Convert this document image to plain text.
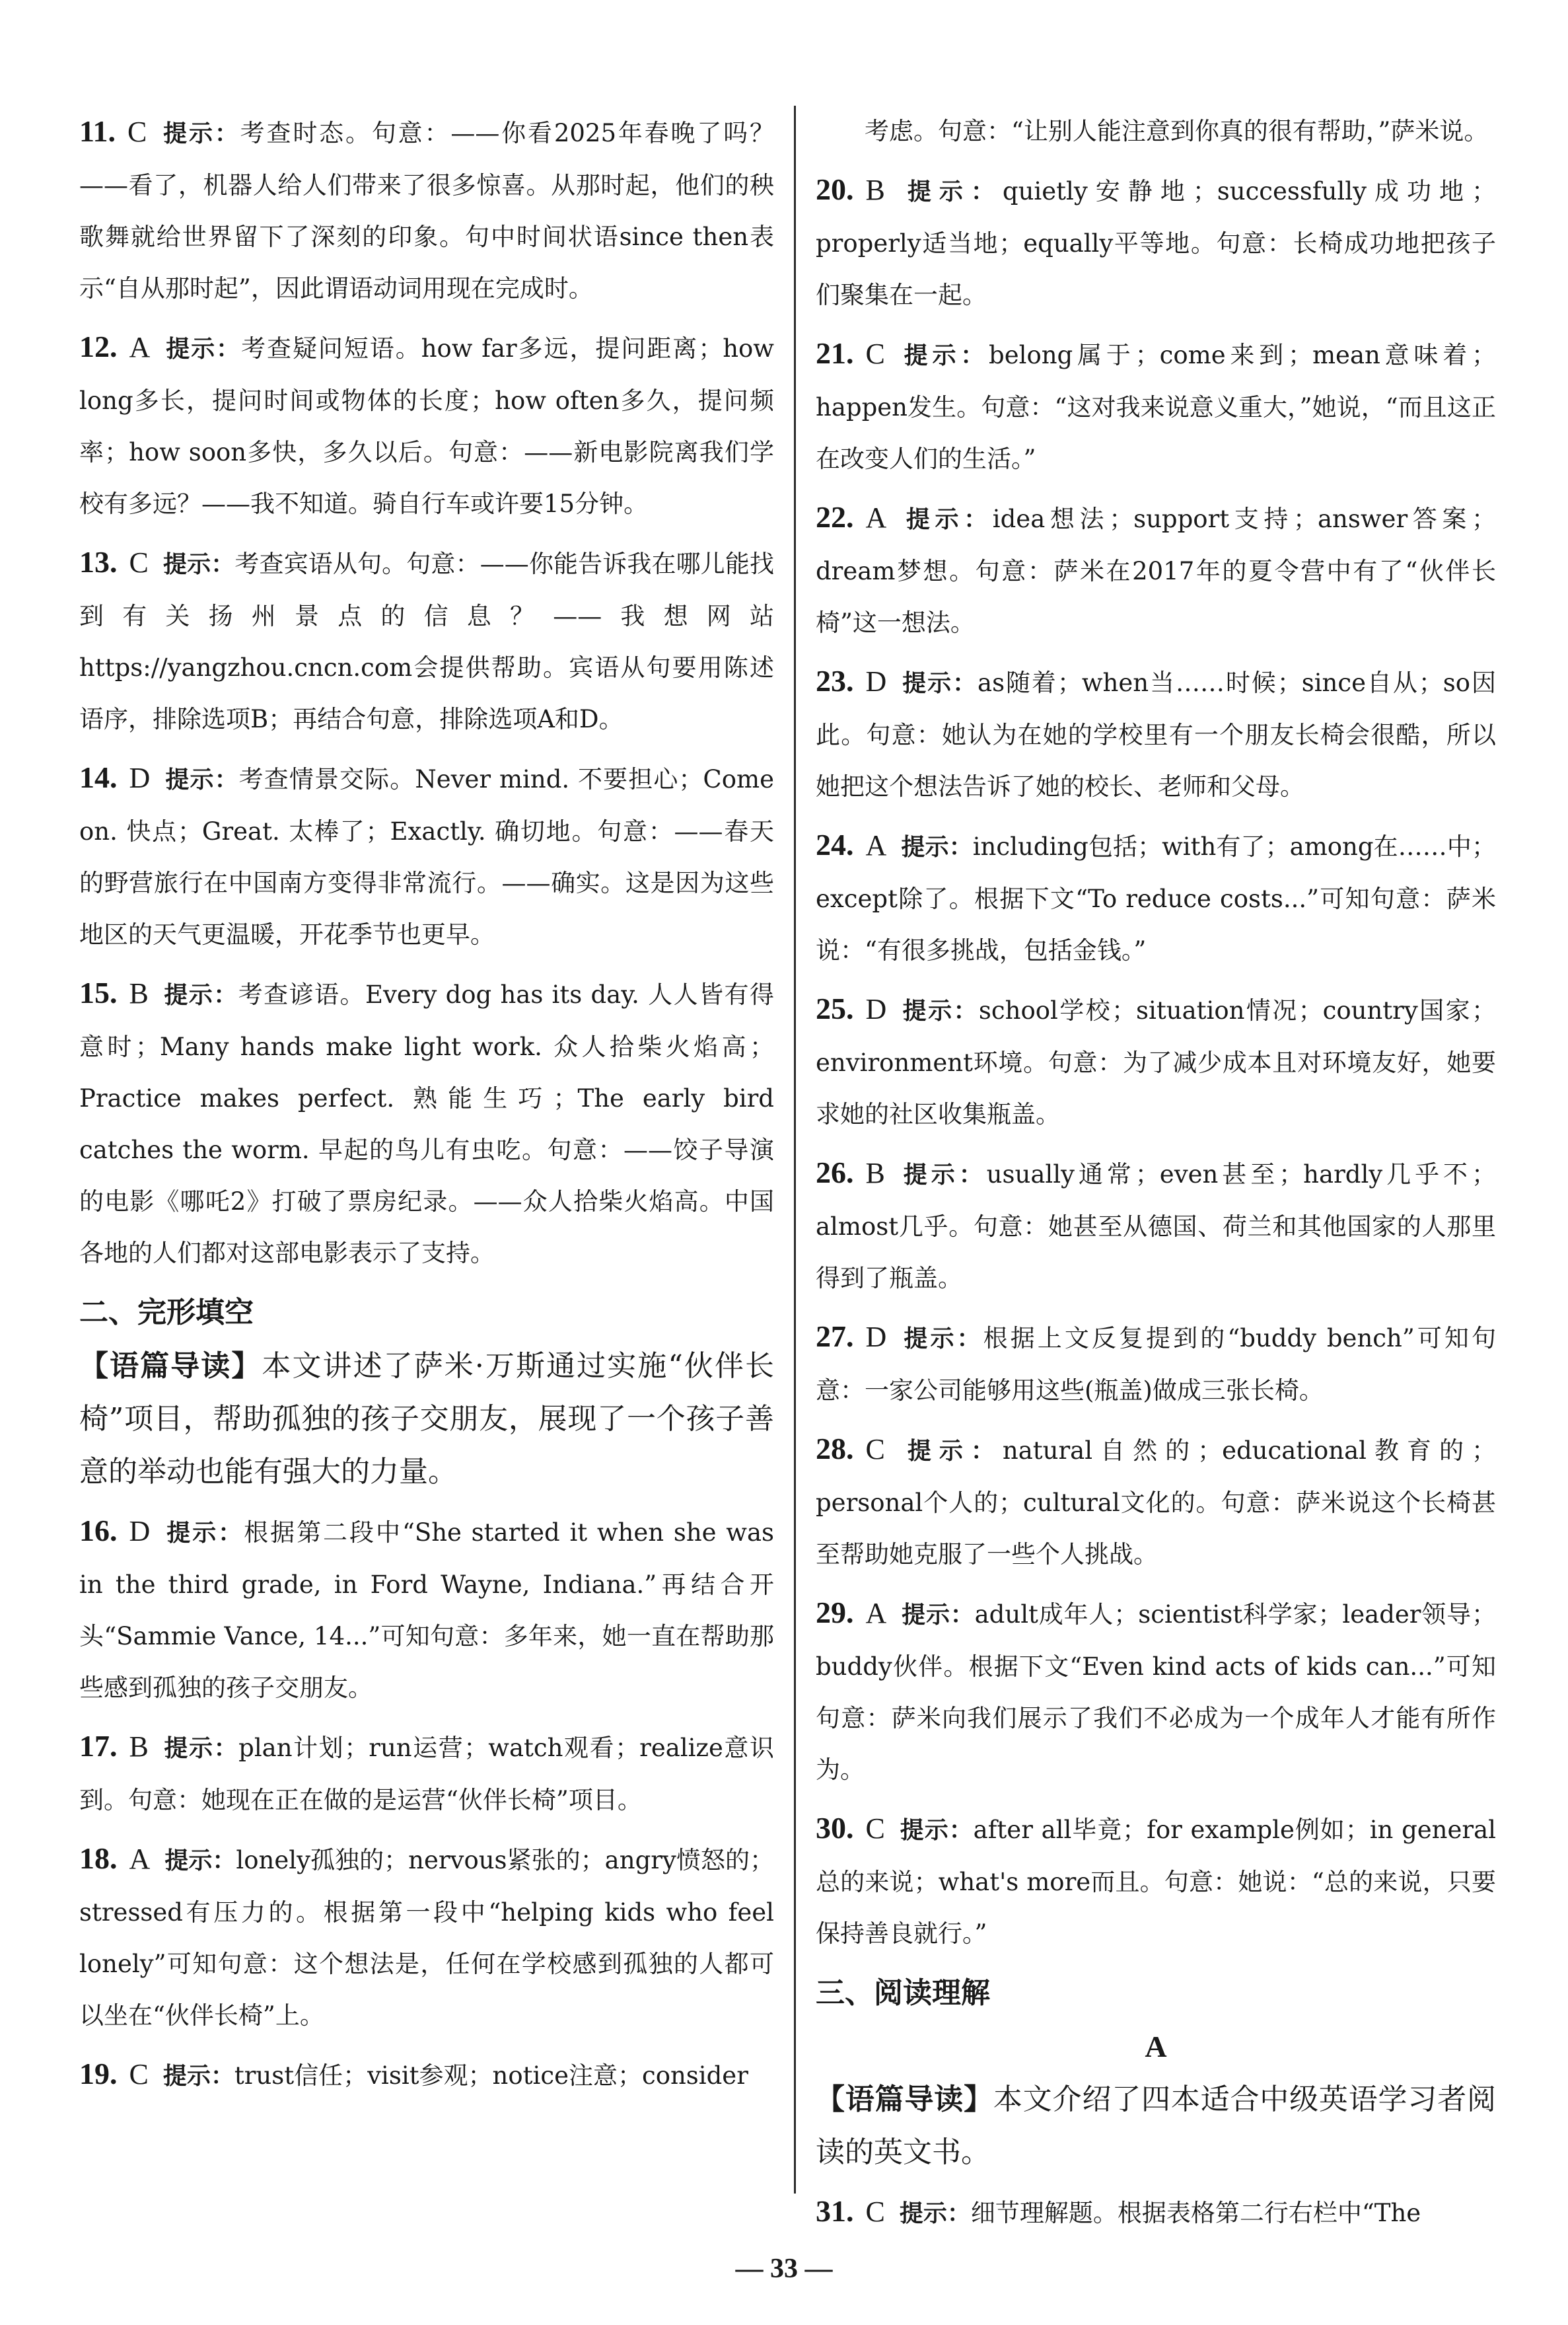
11. C 提示：考查时态。句意：——你看2025年春晚了吗？——看了，机器人给人们带来了很多惊喜。从那时起，他们的秧歌舞就给世界留下了深刻的印象。句中时间状语since then表示“自从那时起”，因此谓语动词用现在完成时。

12. A 提示：考查疑问短语。how far多远，提问距离；how long多长，提问时间或物体的长度；how often多久，提问频率；how soon多快，多久以后。句意：——新电影院离我们学校有多远？——我不知道。骑自行车或许要15分钟。

13. C 提示：考查宾语从句。句意：——你能告诉我在哪儿能找到有关扬州景点的信息？——我想网站https://yangzhou.cncn.com会提供帮助。宾语从句要用陈述语序，排除选项B；再结合句意，排除选项A和D。

14. D 提示：考查情景交际。Never mind. 不要担心；Come on. 快点；Great. 太棒了；Exactly. 确切地。句意：——春天的野营旅行在中国南方变得非常流行。——确实。这是因为这些地区的天气更温暖，开花季节也更早。

15. B 提示：考查谚语。Every dog has its day. 人人皆有得意时；Many hands make light work. 众人拾柴火焰高；Practice makes perfect. 熟能生巧；The early bird catches the worm. 早起的鸟儿有虫吃。句意：——饺子导演的电影《哪吒2》打破了票房纪录。——众人拾柴火焰高。中国各地的人们都对这部电影表示了支持。

二、完形填空

【语篇导读】本文讲述了萨米·万斯通过实施“伙伴长椅”项目，帮助孤独的孩子交朋友，展现了一个孩子善意的举动也能有强大的力量。

16. D 提示：根据第二段中“She started it when she was in the third grade, in Ford Wayne, Indiana.”再结合开头“Sammie Vance, 14...”可知句意：多年来，她一直在帮助那些感到孤独的孩子交朋友。

17. B 提示：plan计划；run运营；watch观看；realize意识到。句意：她现在正在做的是运营“伙伴长椅”项目。

18. A 提示：lonely孤独的；nervous紧张的；angry愤怒的；stressed有压力的。根据第一段中“helping kids who feel lonely”可知句意：这个想法是，任何在学校感到孤独的人都可以坐在“伙伴长椅”上。

19. C 提示：trust信任；visit参观；notice注意；consider

考虑。句意：“让别人能注意到你真的很有帮助，”萨米说。

20. B 提示：quietly安静地；successfully成功地；properly适当地；equally平等地。句意：长椅成功地把孩子们聚集在一起。

21. C 提示：belong属于；come来到；mean意味着；happen发生。句意：“这对我来说意义重大，”她说，“而且这正在改变人们的生活。”

22. A 提示：idea想法；support支持；answer答案；dream梦想。句意：萨米在2017年的夏令营中有了“伙伴长椅”这一想法。

23. D 提示：as随着；when当……时候；since自从；so因此。句意：她认为在她的学校里有一个朋友长椅会很酷，所以她把这个想法告诉了她的校长、老师和父母。

24. A 提示：including包括；with有了；among在……中；except除了。根据下文“To reduce costs...”可知句意：萨米说：“有很多挑战，包括金钱。”

25. D 提示：school学校；situation情况；country国家；environment环境。句意：为了减少成本且对环境友好，她要求她的社区收集瓶盖。

26. B 提示：usually通常；even甚至；hardly几乎不；almost几乎。句意：她甚至从德国、荷兰和其他国家的人那里得到了瓶盖。

27. D 提示：根据上文反复提到的“buddy bench”可知句意：一家公司能够用这些(瓶盖)做成三张长椅。

28. C 提示：natural自然的；educational教育的；personal个人的；cultural文化的。句意：萨米说这个长椅甚至帮助她克服了一些个人挑战。

29. A 提示：adult成年人；scientist科学家；leader领导；buddy伙伴。根据下文“Even kind acts of kids can...”可知句意：萨米向我们展示了我们不必成为一个成年人才能有所作为。

30. C 提示：after all毕竟；for example例如；in general总的来说；what's more而且。句意：她说：“总的来说，只要保持善良就行。”

三、阅读理解

A

【语篇导读】本文介绍了四本适合中级英语学习者阅读的英文书。

31. C 提示：细节理解题。根据表格第二行右栏中“The

— 33 —
